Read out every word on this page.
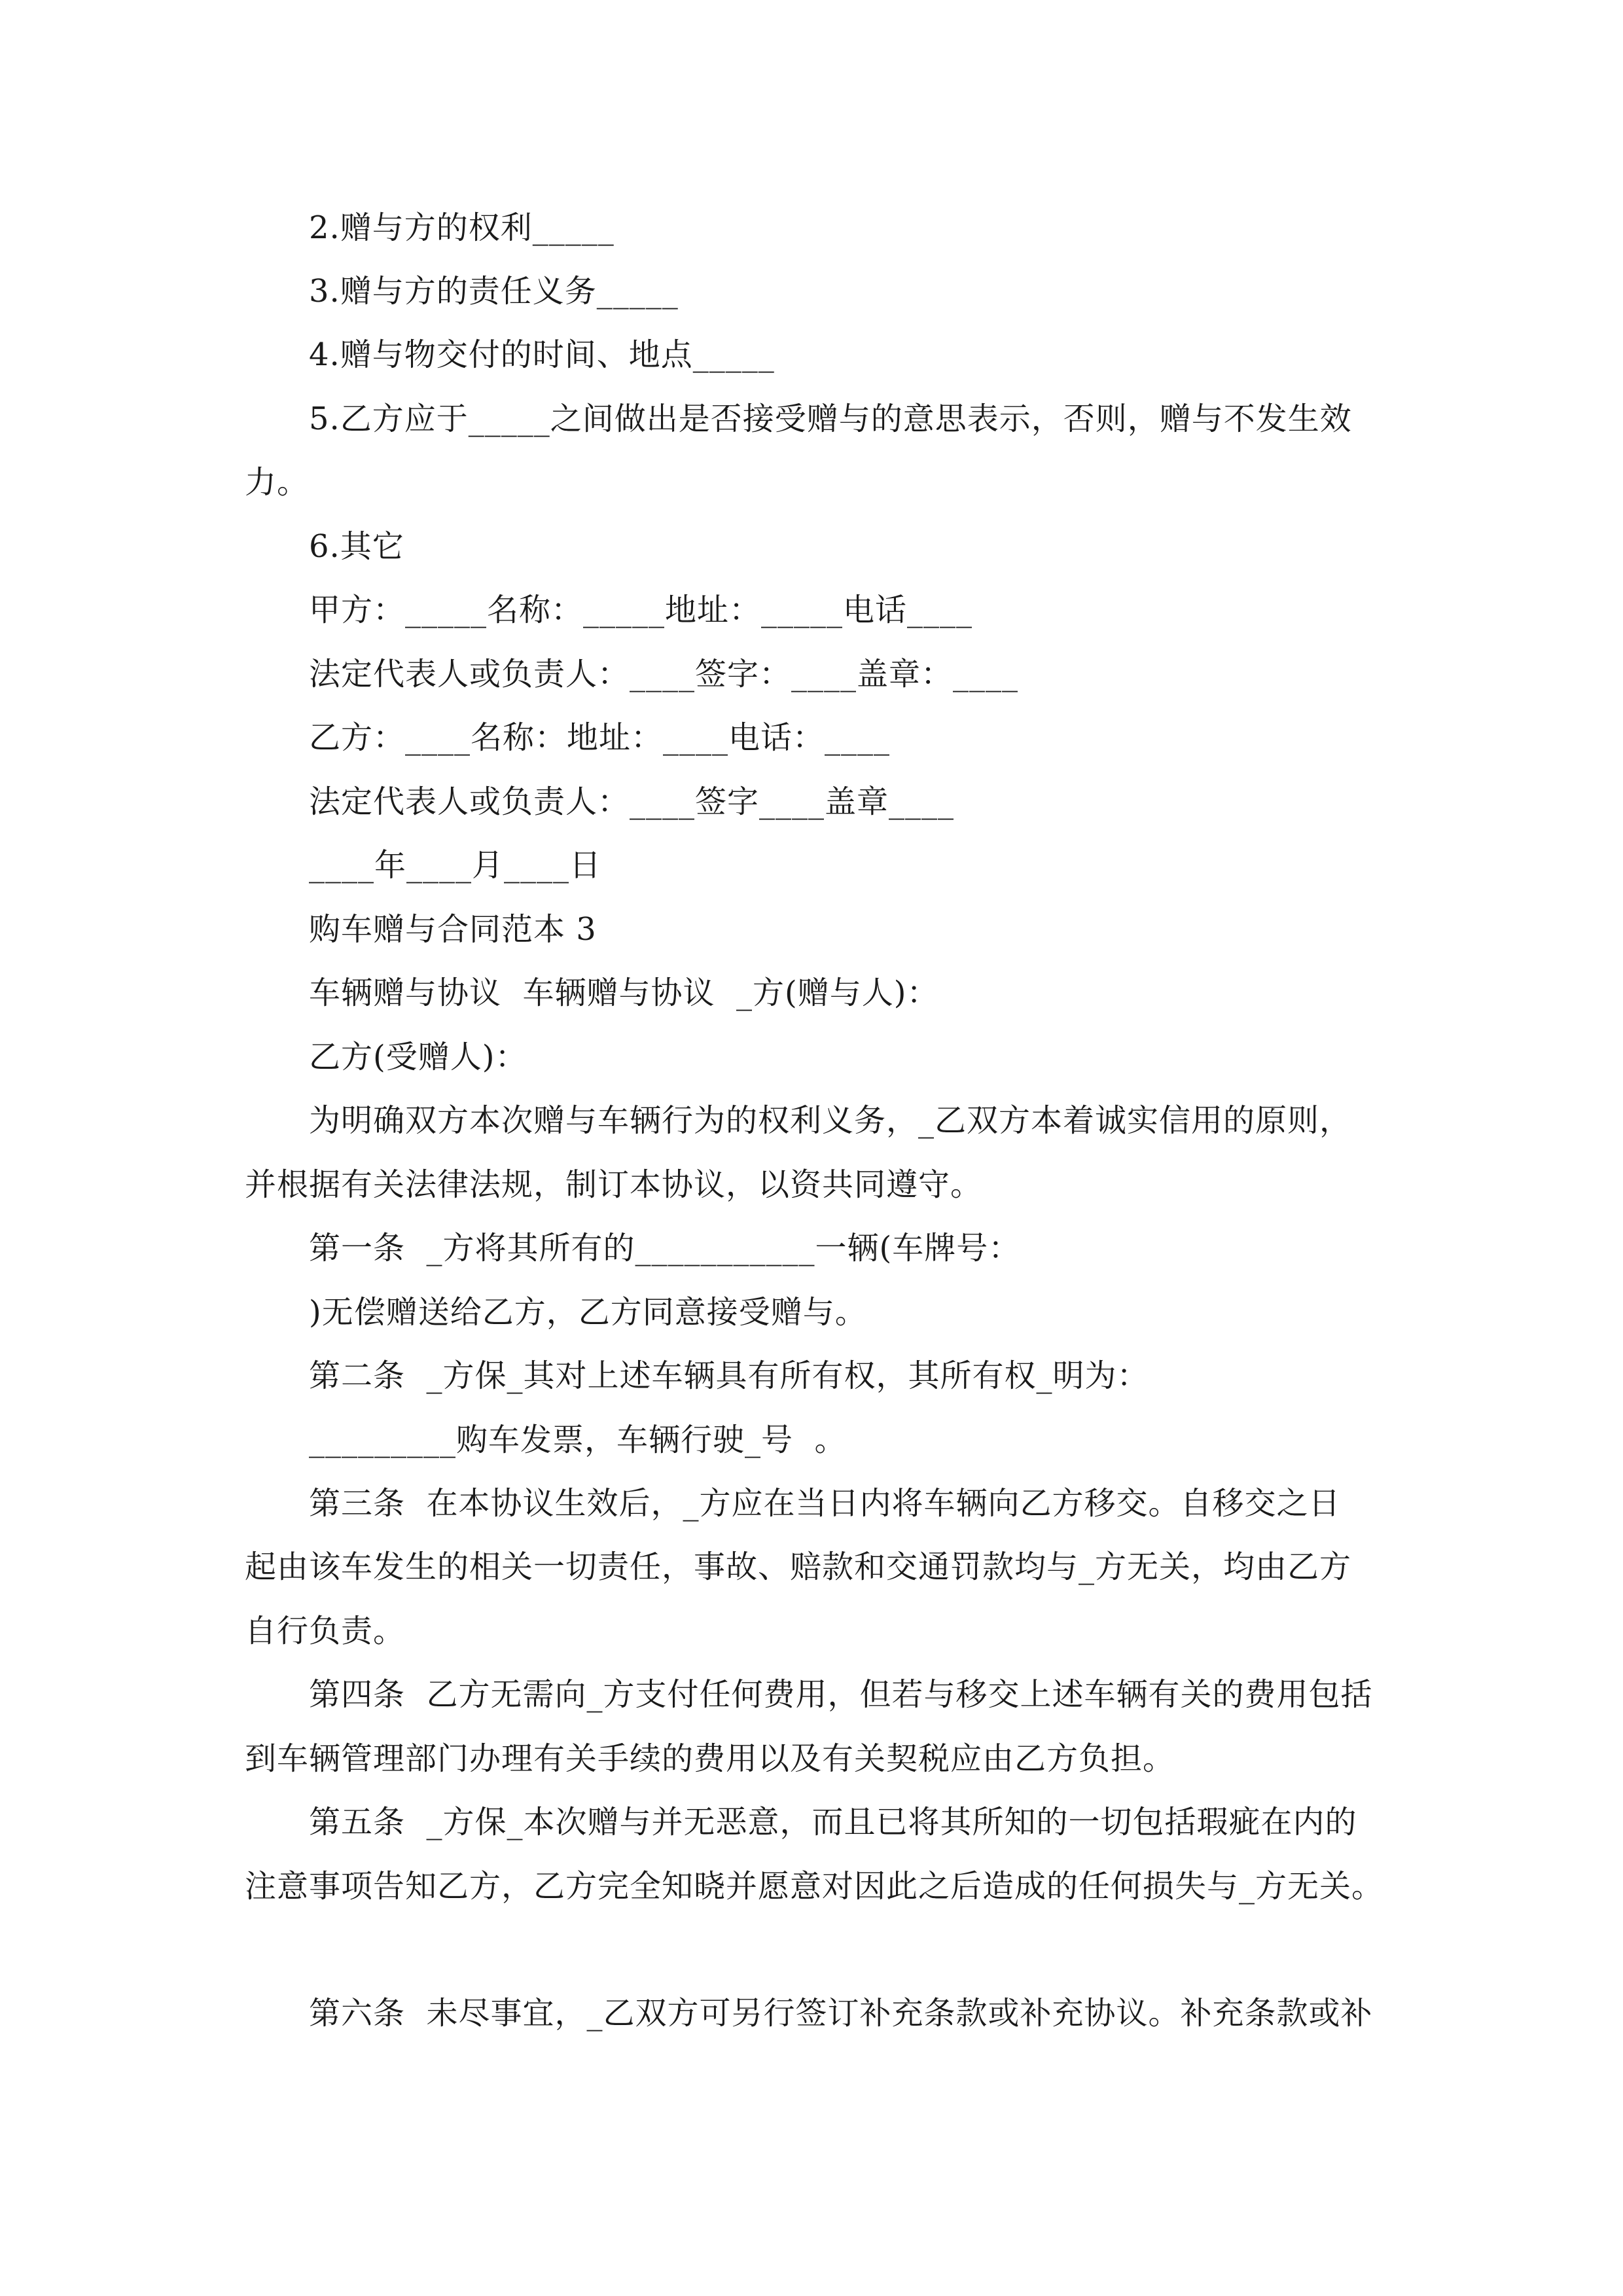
2.赠与方的权利_____
3.赠与方的责任义务_____
4.赠与物交付的时间、地点_____
5.乙方应于_____之间做出是否接受赠与的意思表示，否则，赠与不发生效
力。
6.其它
甲方：_____名称：_____地址：_____电话____
法定代表人或负责人：____签字：____盖章：____
乙方：____名称：地址：____电话：____
法定代表人或负责人：____签字____盖章____
____年____月____日
购车赠与合同范本 3
车辆赠与协议  车辆赠与协议  _方(赠与人)：
乙方(受赠人)：
为明确双方本次赠与车辆行为的权利义务，_乙双方本着诚实信用的原则，
并根据有关法律法规，制订本协议，以资共同遵守。
第一条  _方将其所有的___________一辆(车牌号：
)无偿赠送给乙方，乙方同意接受赠与。
第二条  _方保_其对上述车辆具有所有权，其所有权_明为：
_________购车发票，车辆行驶_号  。
第三条  在本协议生效后，_方应在当日内将车辆向乙方移交。自移交之日
起由该车发生的相关一切责任，事故、赔款和交通罚款均与_方无关，均由乙方
自行负责。
第四条  乙方无需向_方支付任何费用，但若与移交上述车辆有关的费用包括
到车辆管理部门办理有关手续的费用以及有关契税应由乙方负担。
第五条  _方保_本次赠与并无恶意，而且已将其所知的一切包括瑕疵在内的
注意事项告知乙方，乙方完全知晓并愿意对因此之后造成的任何损失与_方无关。
第六条  未尽事宜，_乙双方可另行签订补充条款或补充协议。补充条款或补
